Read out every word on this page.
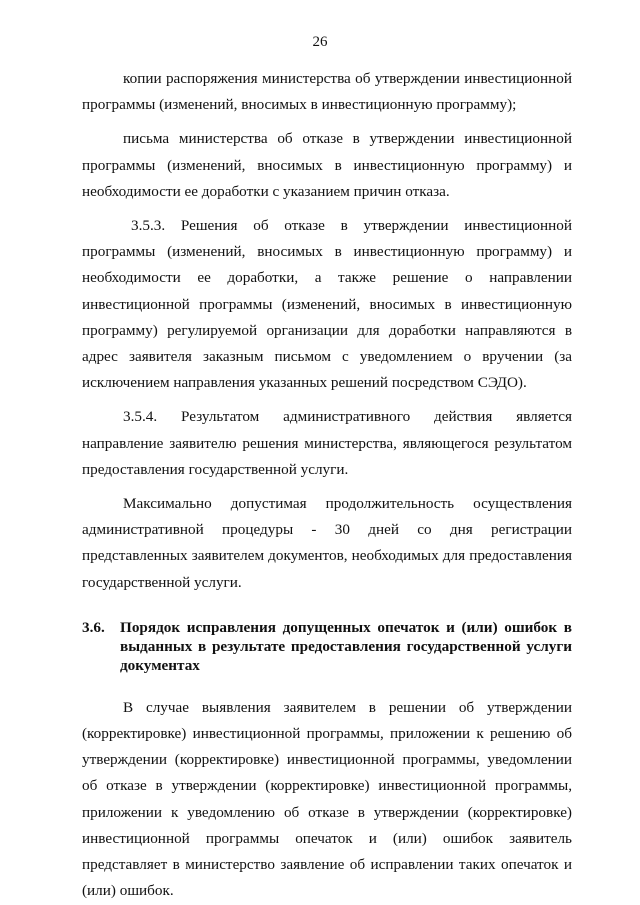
26

копии распоряжения министерства об утверждении инвестиционной программы (изменений, вносимых в инвестиционную программу);

письма министерства об отказе в утверждении инвестиционной программы (изменений, вносимых в инвестиционную программу) и необходимости ее доработки с указанием причин отказа.

3.5.3. Решения об отказе в утверждении инвестиционной программы (изменений, вносимых в инвестиционную программу) и необходимости ее доработки, а также решение о направлении инвестиционной программы (изменений, вносимых в инвестиционную программу) регулируемой организации для доработки направляются в адрес заявителя заказным письмом с уведомлением о вручении (за исключением направления указанных решений посредством СЭДО).

3.5.4. Результатом административного действия является направление заявителю решения министерства, являющегося результатом предоставления государственной услуги.

Максимально допустимая продолжительность осуществления административной процедуры - 30 дней со дня регистрации представленных заявителем документов, необходимых для предоставления государственной услуги.

3.6.	Порядок исправления допущенных опечаток и (или) ошибок в выданных в результате предоставления государственной услуги документах

В случае выявления заявителем в решении об утверждении (корректировке) инвестиционной программы, приложении к решению об утверждении (корректировке) инвестиционной программы, уведомлении об отказе в утверждении (корректировке) инвестиционной программы, приложении к уведомлению об отказе в утверждении (корректировке) инвестиционной программы опечаток и (или) ошибок заявитель представляет в министерство заявление об исправлении таких опечаток и (или) ошибок.
